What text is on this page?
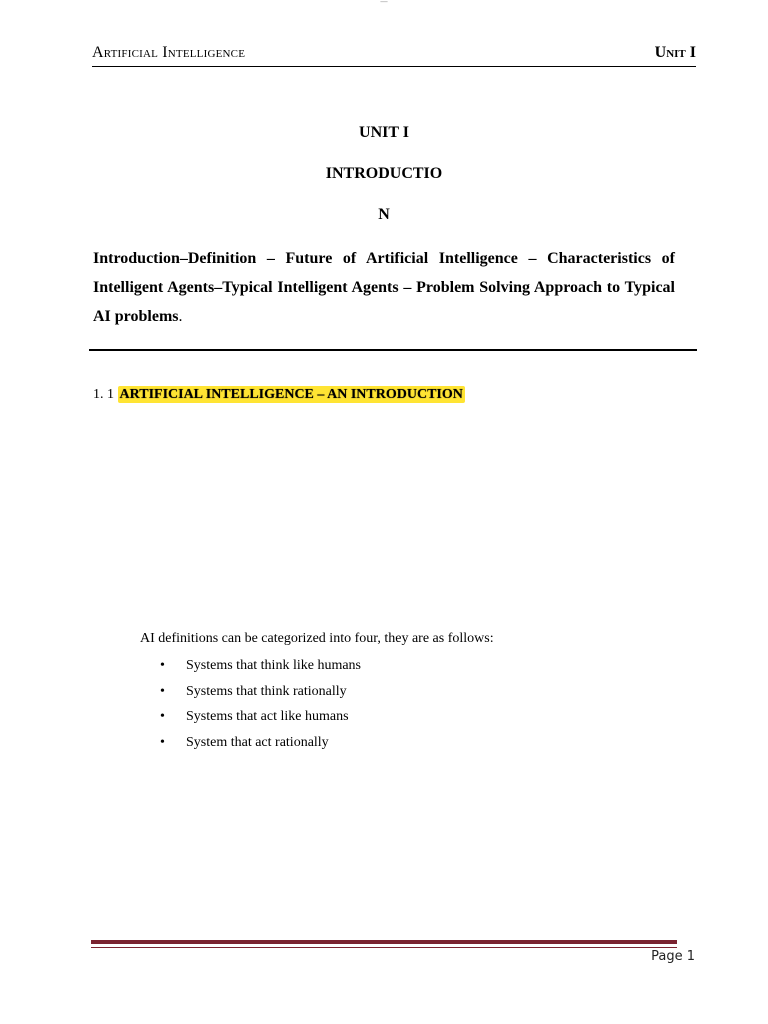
—
Artificial Intelligence	Unit I
UNIT I
INTRODUCTIO
N
Introduction–Definition – Future of Artificial Intelligence – Characteristics of Intelligent Agents–Typical Intelligent Agents – Problem Solving Approach to Typical AI problems.
1. 1 ARTIFICIAL INTELLIGENCE – AN INTRODUCTION
AI definitions can be categorized into four, they are as follows:
• Systems that think like humans
• Systems that think rationally
• Systems that act like humans
• System that act rationally
Page 1
